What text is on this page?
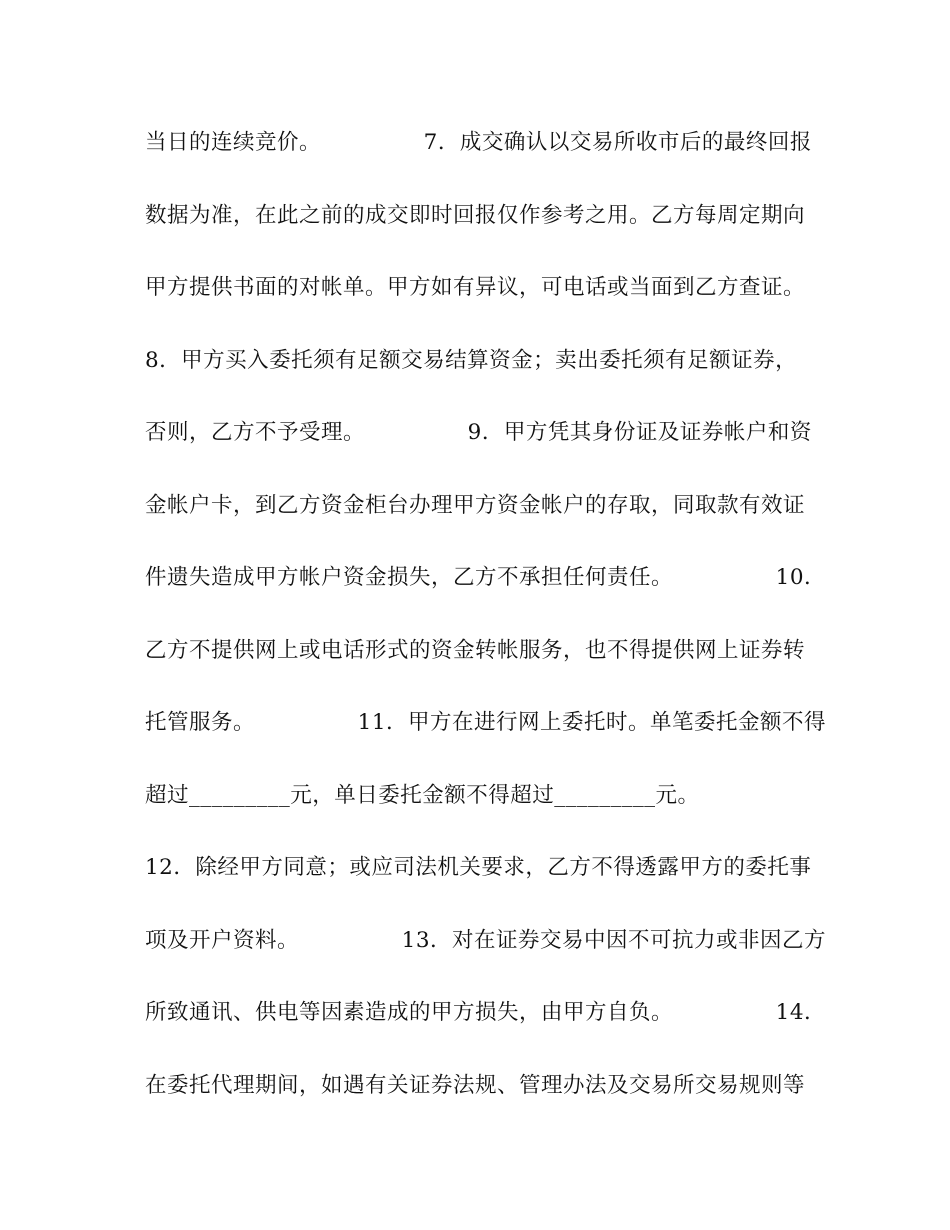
当日的连续竞价。              7．成交确认以交易所收市后的最终回报
数据为准，在此之前的成交即时回报仅作参考之用。乙方每周定期向
甲方提供书面的对帐单。甲方如有异议，可电话或当面到乙方查证。
8．甲方买入委托须有足额交易结算资金；卖出委托须有足额证券，
否则，乙方不予受理。              9．甲方凭其身份证及证券帐户和资
金帐户卡，到乙方资金柜台办理甲方资金帐户的存取，同取款有效证
件遗失造成甲方帐户资金损失，乙方不承担任何责任。              10．
乙方不提供网上或电话形式的资金转帐服务，也不得提供网上证券转
托管服务。              11．甲方在进行网上委托时。单笔委托金额不得
超过_________元，单日委托金额不得超过_________元。
12．除经甲方同意；或应司法机关要求，乙方不得透露甲方的委托事
项及开户资料。              13．对在证券交易中因不可抗力或非因乙方
所致通讯、供电等因素造成的甲方损失，由甲方自负。              14．
在委托代理期间，如遇有关证券法规、管理办法及交易所交易规则等
